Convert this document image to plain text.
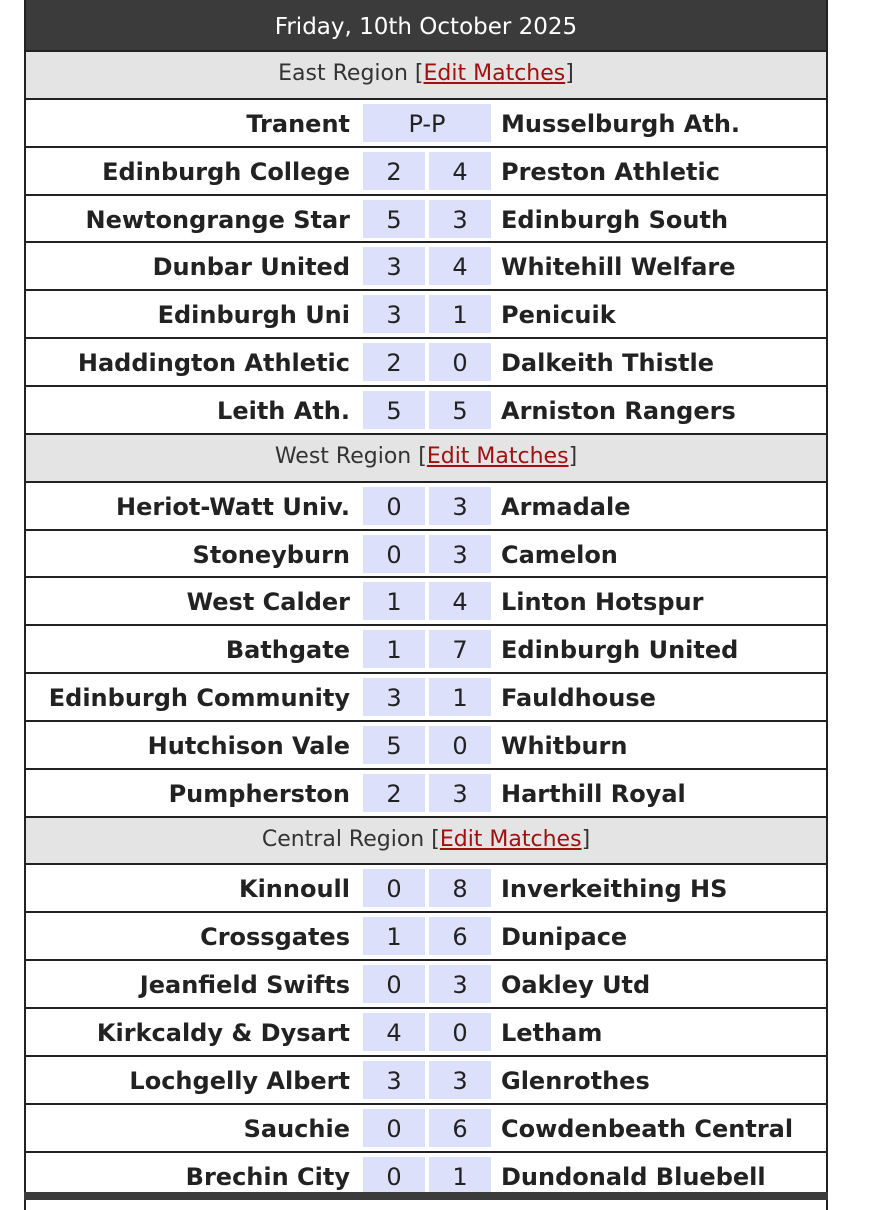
Friday, 10th October 2025
East Region [Edit Matches]
Tranent	P-P	Musselburgh Ath.
Edinburgh College	2	4	Preston Athletic
Newtongrange Star	5	3	Edinburgh South
Dunbar United	3	4	Whitehill Welfare
Edinburgh Uni	3	1	Penicuik
Haddington Athletic	2	0	Dalkeith Thistle
Leith Ath.	5	5	Arniston Rangers
West Region [Edit Matches]
Heriot-Watt Univ.	0	3	Armadale
Stoneyburn	0	3	Camelon
West Calder	1	4	Linton Hotspur
Bathgate	1	7	Edinburgh United
Edinburgh Community	3	1	Fauldhouse
Hutchison Vale	5	0	Whitburn
Pumpherston	2	3	Harthill Royal
Central Region [Edit Matches]
Kinnoull	0	8	Inverkeithing HS
Crossgates	1	6	Dunipace
Jeanfield Swifts	0	3	Oakley Utd
Kirkcaldy & Dysart	4	0	Letham
Lochgelly Albert	3	3	Glenrothes
Sauchie	0	6	Cowdenbeath Central
Brechin City	0	1	Dundonald Bluebell
